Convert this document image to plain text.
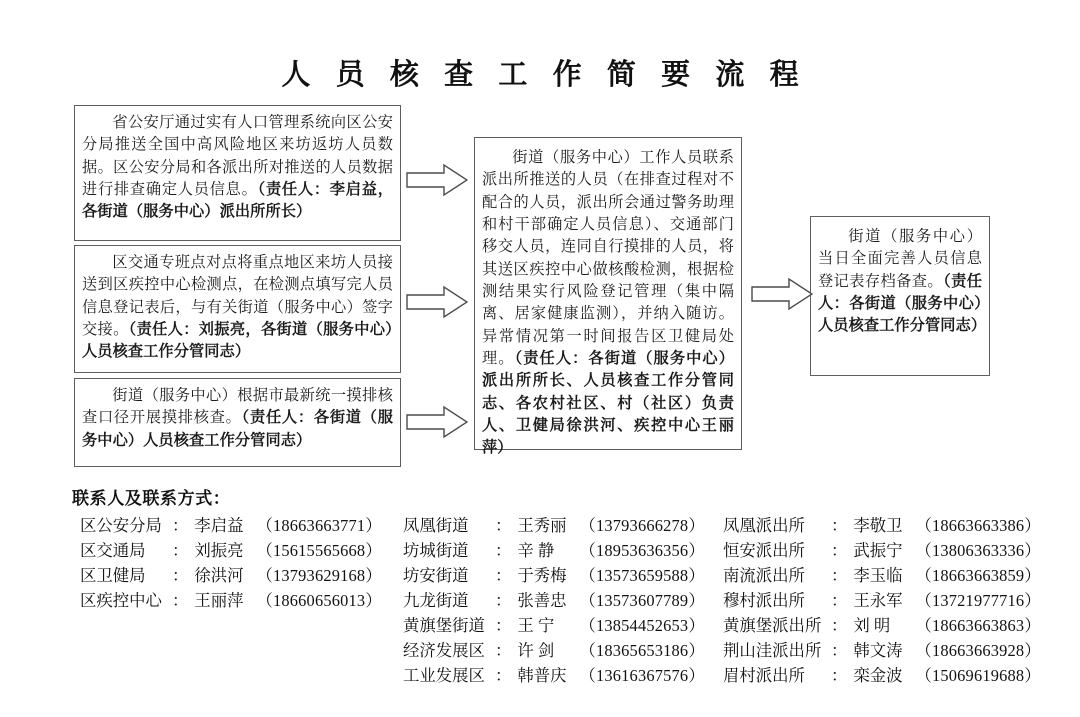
人 员 核 查 工 作 简 要 流 程
省公安厅通过实有人口管理系统向区公安分局推送全国中高风险地区来坊返坊人员数据。区公安分局和各派出所对推送的人员数据进行排查确定人员信息。（责任人：李启益，各街道（服务中心）派出所所长）
区交通专班点对点将重点地区来坊人员接送到区疾控中心检测点，在检测点填写完人员信息登记表后，与有关街道（服务中心）签字交接。（责任人：刘振亮，各街道（服务中心）人员核查工作分管同志）
街道（服务中心）根据市最新统一摸排核查口径开展摸排核查。（责任人：各街道（服务中心）人员核查工作分管同志）
街道（服务中心）工作人员联系派出所推送的人员（在排查过程对不配合的人员，派出所会通过警务助理和村干部确定人员信息）、交通部门移交人员，连同自行摸排的人员，将其送区疾控中心做核酸检测，根据检测结果实行风险登记管理（集中隔离、居家健康监测），并纳入随访。异常情况第一时间报告区卫健局处理。（责任人：各街道（服务中心）派出所所长、人员核查工作分管同志、各农村社区、村（社区）负责人、卫健局徐洪河、疾控中心王丽萍）
街道（服务中心）当日全面完善人员信息登记表存档备查。（责任人：各街道（服务中心）人员核查工作分管同志）
联系人及联系方式：
区公安分局 ： 李启益 （18663663771）
区交通局	： 刘振亮 （15615565668）
区卫健局	： 徐洪河 （13793629168）
区疾控中心 ： 王丽萍 （18660656013）
凤凰街道	： 王秀丽 （13793666278）
坊城街道	： 辛 静	（18953636356）
坊安街道	： 于秀梅 （13573659588）
九龙街道	： 张善忠 （13573607789）
黄旗堡街道 ： 王 宁	（13854452653）
经济发展区 ： 许 剑	（18365653186）
工业发展区 ： 韩普庆 （13616367576）
凤凰派出所	： 李敬卫 （18663663386）
恒安派出所	： 武振宁 （13806363336）
南流派出所	： 李玉临 （18663663859）
穆村派出所	： 王永军 （13721977716）
黄旗堡派出所 ： 刘 明	（18663663863）
荆山洼派出所 ： 韩文涛 （18663663928）
眉村派出所	： 栾金波 （15069619688）
